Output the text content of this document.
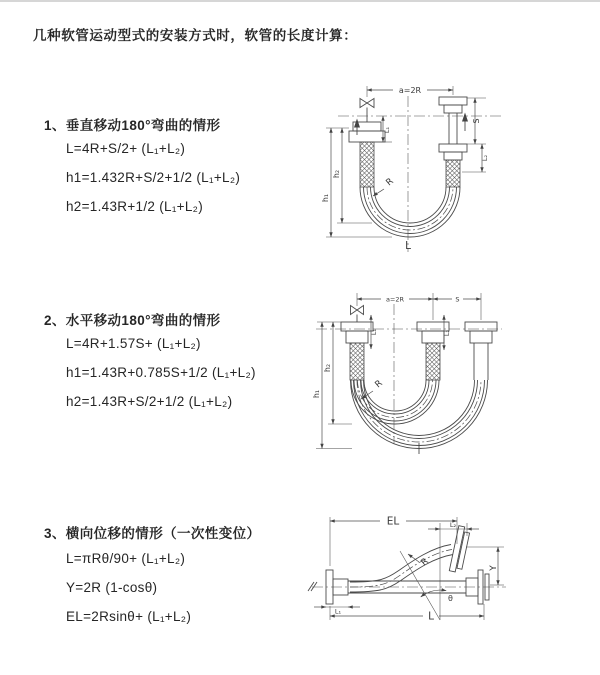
几种软管运动型式的安装方式时，软管的长度计算：
1、垂直移动180°弯曲的情形
L=4R+S/2+ (L₁+L₂)
h1=1.432R+S/2+1/2 (L₁+L₂)
h2=1.43R+1/2 (L₁+L₂)
2、水平移动180°弯曲的情形
L=4R+1.57S+ (L₁+L₂)
h1=1.43R+0.785S+1/2 (L₁+L₂)
h2=1.43R+S/2+1/2 (L₁+L₂)
3、横向位移的情形（一次性变位）
L=πRθ/90+ (L₁+L₂)
Y=2R (1-cosθ)
EL=2Rsinθ+ (L₁+L₂)
a=2R
h₁
h₂
L₁
S
L₂
R
L
a=2R	S
h₁
h₂
L₁	L₂
R
EL	L₂
Y
L
L₁
R
θ
